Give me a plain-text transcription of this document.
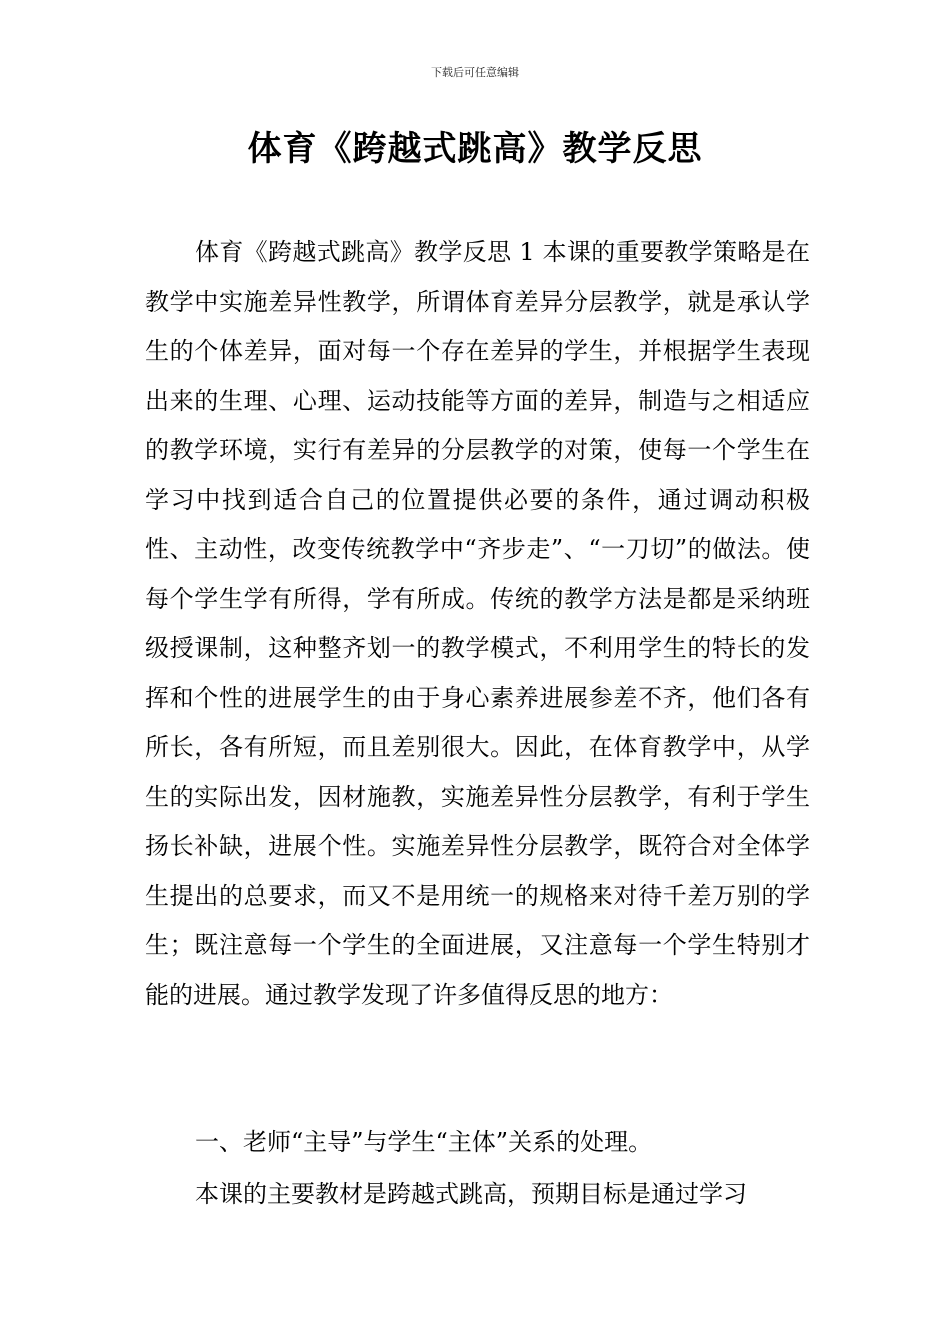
下载后可任意编辑
体育《跨越式跳高》教学反思

体育《跨越式跳高》教学反思 1 本课的重要教学策略是在教学中实施差异性教学，所谓体育差异分层教学，就是承认学生的个体差异，面对每一个存在差异的学生，并根据学生表现出来的生理、心理、运动技能等方面的差异，制造与之相适应的教学环境，实行有差异的分层教学的对策，使每一个学生在学习中找到适合自己的位置提供必要的条件，通过调动积极性、主动性，改变传统教学中“齐步走”、“一刀切”的做法。使每个学生学有所得，学有所成。传统的教学方法是都是采纳班级授课制，这种整齐划一的教学模式，不利用学生的特长的发挥和个性的进展学生的由于身心素养进展参差不齐，他们各有所长，各有所短，而且差别很大。因此，在体育教学中，从学生的实际出发，因材施教，实施差异性分层教学，有利于学生扬长补缺，进展个性。实施差异性分层教学，既符合对全体学生提出的总要求，而又不是用统一的规格来对待千差万别的学生；既注意每一个学生的全面进展，又注意每一个学生特别才能的进展。通过教学发现了许多值得反思的地方：

一、老师“主导”与学生“主体”关系的处理。

本课的主要教材是跨越式跳高，预期目标是通过学习
